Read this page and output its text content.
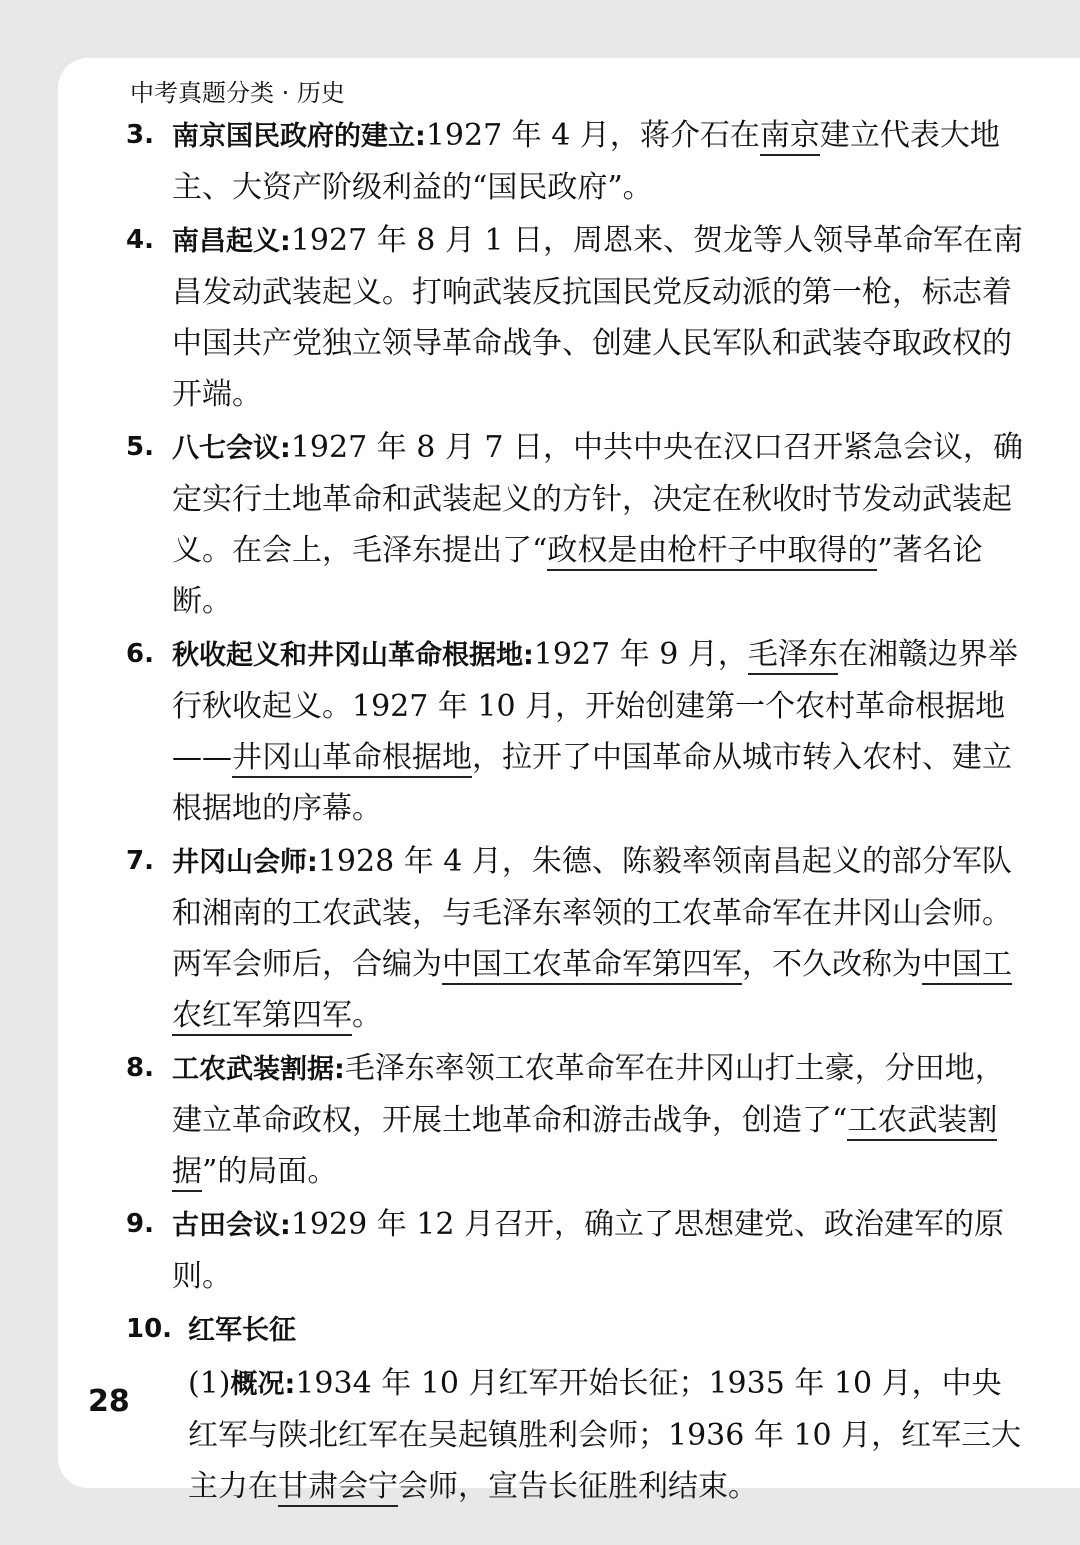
中考真题分类 · 历史
3. 南京国民政府的建立:1927 年 4 月，蒋介石在南京建立代表大地主、大资产阶级利益的“国民政府”。
4. 南昌起义:1927 年 8 月 1 日，周恩来、贺龙等人领导革命军在南昌发动武装起义。打响武装反抗国民党反动派的第一枪，标志着中国共产党独立领导革命战争、创建人民军队和武装夺取政权的开端。
5. 八七会议:1927 年 8 月 7 日，中共中央在汉口召开紧急会议，确定实行土地革命和武装起义的方针，决定在秋收时节发动武装起义。在会上，毛泽东提出了“政权是由枪杆子中取得的”著名论断。
6. 秋收起义和井冈山革命根据地:1927 年 9 月，毛泽东在湘赣边界举行秋收起义。1927 年 10 月，开始创建第一个农村革命根据地——井冈山革命根据地，拉开了中国革命从城市转入农村、建立根据地的序幕。
7. 井冈山会师:1928 年 4 月，朱德、陈毅率领南昌起义的部分军队和湘南的工农武装，与毛泽东率领的工农革命军在井冈山会师。两军会师后，合编为中国工农革命军第四军，不久改称为中国工农红军第四军。
8. 工农武装割据:毛泽东率领工农革命军在井冈山打土豪，分田地，建立革命政权，开展土地革命和游击战争，创造了“工农武装割据”的局面。
9. 古田会议:1929 年 12 月召开，确立了思想建党、政治建军的原则。
10. 红军长征
(1)概况:1934 年 10 月红军开始长征；1935 年 10 月，中央红军与陕北红军在吴起镇胜利会师；1936 年 10 月，红军三大主力在甘肃会宁会师，宣告长征胜利结束。
28
